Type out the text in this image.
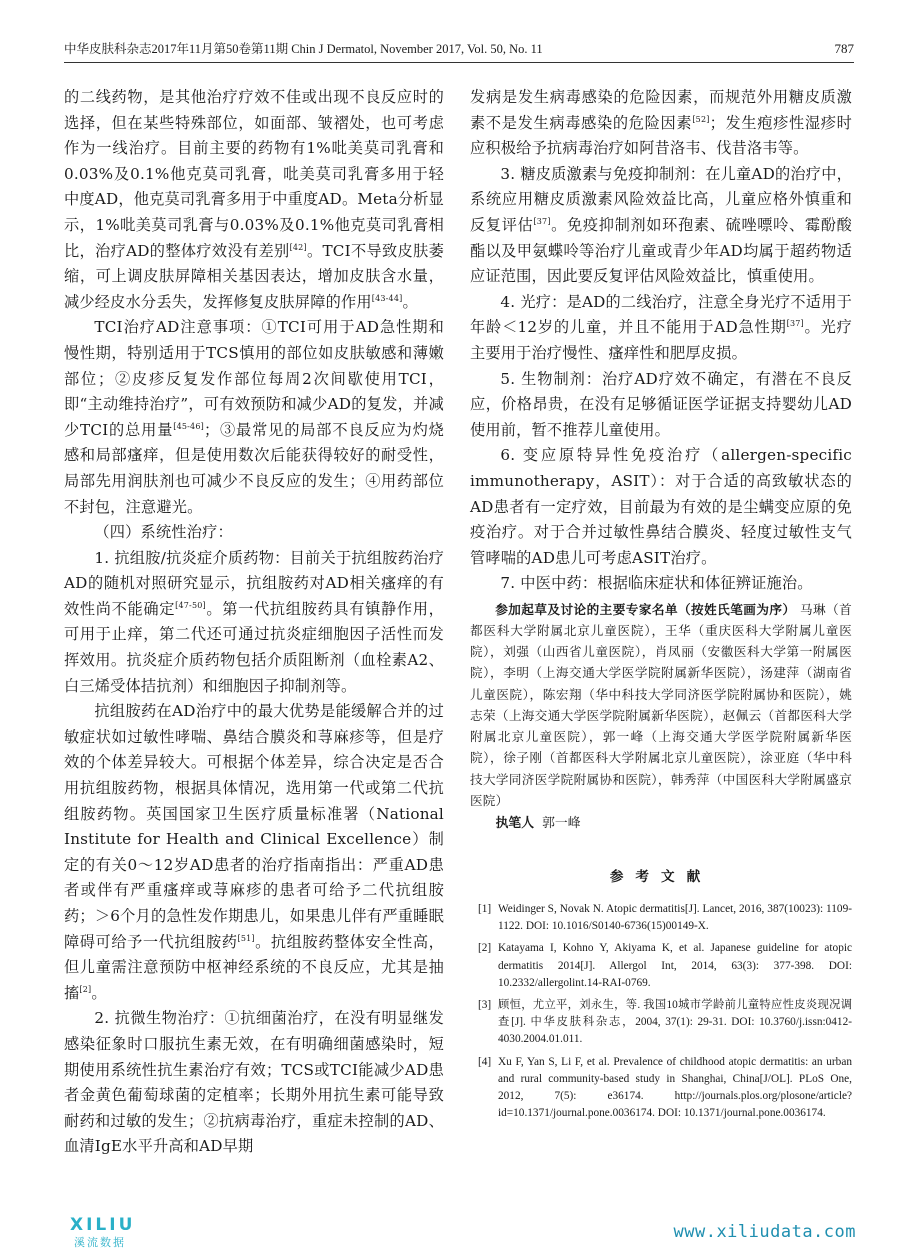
中华皮肤科杂志2017年11月第50卷第11期 Chin J Dermatol, November 2017, Vol. 50, No. 11	787

的二线药物，是其他治疗疗效不佳或出现不良反应时的选择，但在某些特殊部位，如面部、皱褶处，也可考虑作为一线治疗。目前主要的药物有1%吡美莫司乳膏和0.03%及0.1%他克莫司乳膏，吡美莫司乳膏多用于轻中度AD，他克莫司乳膏多用于中重度AD。Meta分析显示，1%吡美莫司乳膏与0.03%及0.1%他克莫司乳膏相比，治疗AD的整体疗效没有差别[42]。TCI不导致皮肤萎缩，可上调皮肤屏障相关基因表达，增加皮肤含水量，减少经皮水分丢失，发挥修复皮肤屏障的作用[43-44]。

TCI治疗AD注意事项：①TCI可用于AD急性期和慢性期，特别适用于TCS慎用的部位如皮肤敏感和薄嫩部位；②皮疹反复发作部位每周2次间歇使用TCI，即“主动维持治疗”，可有效预防和减少AD的复发，并减少TCI的总用量[45-46]；③最常见的局部不良反应为灼烧感和局部瘙痒，但是使用数次后能获得较好的耐受性，局部先用润肤剂也可减少不良反应的发生；④用药部位不封包，注意避光。

（四）系统性治疗：

1. 抗组胺/抗炎症介质药物：目前关于抗组胺药治疗AD的随机对照研究显示，抗组胺药对AD相关瘙痒的有效性尚不能确定[47-50]。第一代抗组胺药具有镇静作用，可用于止痒，第二代还可通过抗炎症细胞因子活性而发挥效用。抗炎症介质药物包括介质阻断剂（血栓素A2、白三烯受体拮抗剂）和细胞因子抑制剂等。

抗组胺药在AD治疗中的最大优势是能缓解合并的过敏症状如过敏性哮喘、鼻结合膜炎和荨麻疹等，但是疗效的个体差异较大。可根据个体差异，综合决定是否合用抗组胺药物，根据具体情况，选用第一代或第二代抗组胺药物。英国国家卫生医疗质量标准署（National Institute for Health and Clinical Excellence）制定的有关0～12岁AD患者的治疗指南指出：严重AD患者或伴有严重瘙痒或荨麻疹的患者可给予二代抗组胺药；＞6个月的急性发作期患儿，如果患儿伴有严重睡眠障碍可给予一代抗组胺药[51]。抗组胺药整体安全性高，但儿童需注意预防中枢神经系统的不良反应，尤其是抽搐[2]。

2. 抗微生物治疗：①抗细菌治疗，在没有明显继发感染征象时口服抗生素无效，在有明确细菌感染时，短期使用系统性抗生素治疗有效；TCS或TCI能减少AD患者金黄色葡萄球菌的定植率；长期外用抗生素可能导致耐药和过敏的发生；②抗病毒治疗，重症未控制的AD、血清IgE水平升高和AD早期

发病是发生病毒感染的危险因素，而规范外用糖皮质激素不是发生病毒感染的危险因素[52]；发生疱疹性湿疹时应积极给予抗病毒治疗如阿昔洛韦、伐昔洛韦等。

3. 糖皮质激素与免疫抑制剂：在儿童AD的治疗中，系统应用糖皮质激素风险效益比高，儿童应格外慎重和反复评估[37]。免疫抑制剂如环孢素、硫唑嘌呤、霉酚酸酯以及甲氨蝶呤等治疗儿童或青少年AD均属于超药物适应证范围，因此要反复评估风险效益比，慎重使用。

4. 光疗：是AD的二线治疗，注意全身光疗不适用于年龄＜12岁的儿童，并且不能用于AD急性期[37]。光疗主要用于治疗慢性、瘙痒性和肥厚皮损。

5. 生物制剂：治疗AD疗效不确定，有潜在不良反应，价格昂贵，在没有足够循证医学证据支持婴幼儿AD使用前，暂不推荐儿童使用。

6. 变应原特异性免疫治疗（allergen-specific immunotherapy，ASIT）：对于合适的高致敏状态的AD患者有一定疗效，目前最为有效的是尘螨变应原的免疫治疗。对于合并过敏性鼻结合膜炎、轻度过敏性支气管哮喘的AD患儿可考虑ASIT治疗。

7. 中医中药：根据临床症状和体征辨证施治。

参加起草及讨论的主要专家名单（按姓氏笔画为序） 马琳（首都医科大学附属北京儿童医院），王华（重庆医科大学附属儿童医院），刘强（山西省儿童医院），肖凤丽（安徽医科大学第一附属医院），李明（上海交通大学医学院附属新华医院），汤建萍（湖南省儿童医院），陈宏翔（华中科技大学同济医学院附属协和医院），姚志荣（上海交通大学医学院附属新华医院），赵佩云（首都医科大学附属北京儿童医院），郭一峰（上海交通大学医学院附属新华医院），徐子刚（首都医科大学附属北京儿童医院），涂亚庭（华中科技大学同济医学院附属协和医院），韩秀萍（中国医科大学附属盛京医院）

执笔人 郭一峰

参考文献
[1] Weidinger S, Novak N. Atopic dermatitis[J]. Lancet, 2016, 387(10023): 1109-1122. DOI: 10.1016/S0140-6736(15)00149-X.
[2] Katayama I, Kohno Y, Akiyama K, et al. Japanese guideline for atopic dermatitis 2014[J]. Allergol Int, 2014, 63(3): 377-398. DOI: 10.2332/allergolint.14-RAI-0769.
[3] 顾恒，尤立平，刘永生，等. 我国10城市学龄前儿童特应性皮炎现况调查[J]. 中华皮肤科杂志，2004, 37(1): 29-31. DOI: 10.3760/j.issn:0412-4030.2004.01.011.
[4] Xu F, Yan S, Li F, et al. Prevalence of childhood atopic dermatitis: an urban and rural community-based study in Shanghai, China[J/OL]. PLoS One, 2012, 7(5): e36174. http://journals.plos.org/plosone/article?id=10.1371/journal.pone.0036174. DOI: 10.1371/journal.pone.0036174.
XILIU
溪流数据
www.xiliudata.com
